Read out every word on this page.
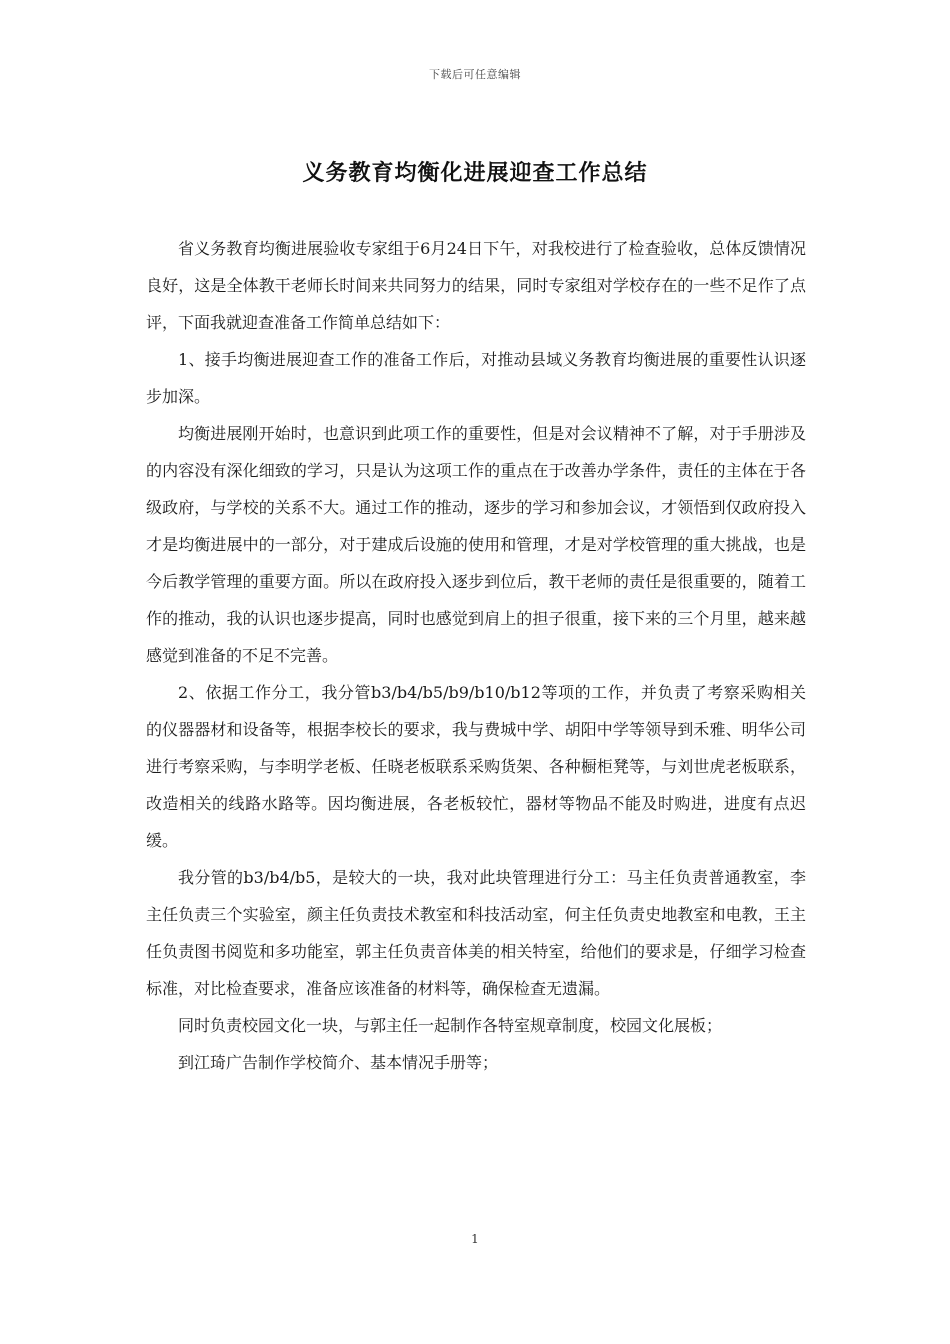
下载后可任意编辑
义务教育均衡化进展迎查工作总结

省义务教育均衡进展验收专家组于6月24日下午，对我校进行了检查验收，总体反馈情况良好，这是全体教干老师长时间来共同努力的结果，同时专家组对学校存在的一些不足作了点评，下面我就迎查准备工作简单总结如下：

1、接手均衡进展迎查工作的准备工作后，对推动县域义务教育均衡进展的重要性认识逐步加深。

均衡进展刚开始时，也意识到此项工作的重要性，但是对会议精神不了解，对于手册涉及的内容没有深化细致的学习，只是认为这项工作的重点在于改善办学条件，责任的主体在于各级政府，与学校的关系不大。通过工作的推动，逐步的学习和参加会议，才领悟到仅政府投入才是均衡进展中的一部分，对于建成后设施的使用和管理，才是对学校管理的重大挑战，也是今后教学管理的重要方面。所以在政府投入逐步到位后，教干老师的责任是很重要的，随着工作的推动，我的认识也逐步提高，同时也感觉到肩上的担子很重，接下来的三个月里，越来越感觉到准备的不足不完善。

2、依据工作分工，我分管b3/b4/b5/b9/b10/b12等项的工作，并负责了考察采购相关的仪器器材和设备等，根据李校长的要求，我与费城中学、胡阳中学等领导到禾雅、明华公司进行考察采购，与李明学老板、任晓老板联系采购货架、各种橱柜凳等，与刘世虎老板联系，改造相关的线路水路等。因均衡进展，各老板较忙，器材等物品不能及时购进，进度有点迟缓。

我分管的b3/b4/b5，是较大的一块，我对此块管理进行分工：马主任负责普通教室，李主任负责三个实验室，颜主任负责技术教室和科技活动室，何主任负责史地教室和电教，王主任负责图书阅览和多功能室，郭主任负责音体美的相关特室，给他们的要求是，仔细学习检查标准，对比检查要求，准备应该准备的材料等，确保检查无遗漏。

同时负责校园文化一块，与郭主任一起制作各特室规章制度，校园文化展板；

到江琦广告制作学校简介、基本情况手册等；

1
